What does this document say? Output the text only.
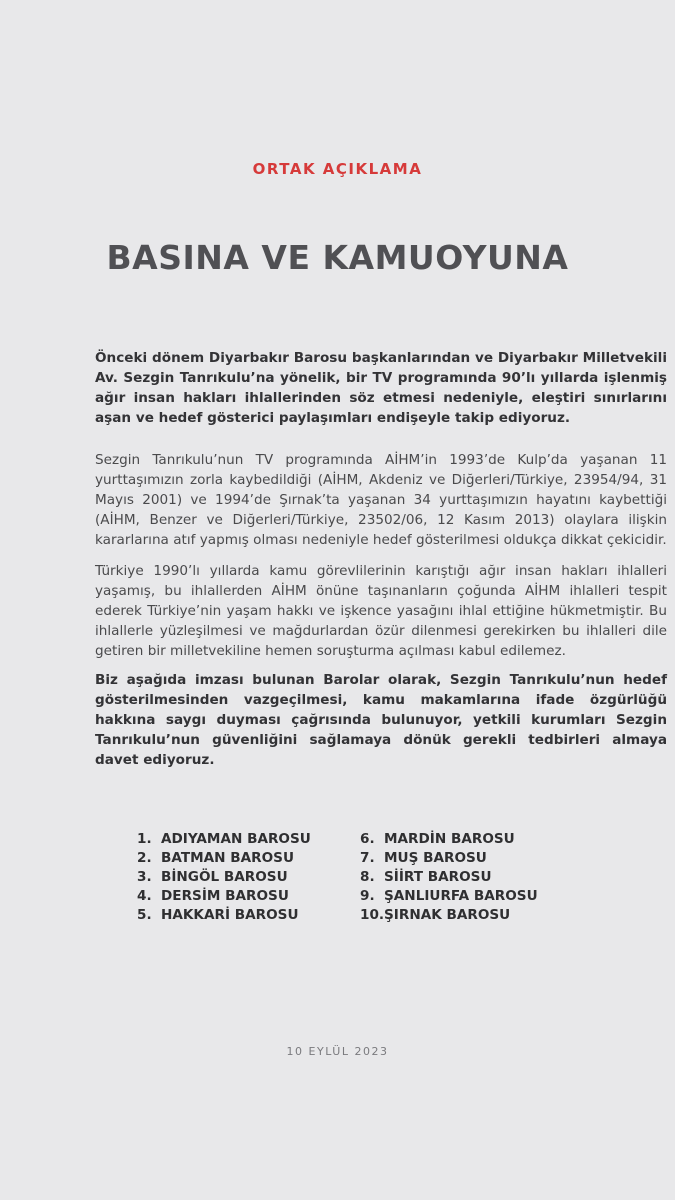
ORTAK AÇIKLAMA
BASINA VE KAMUOYUNA
Önceki dönem Diyarbakır Barosu başkanlarından ve Diyarbakır Milletvekili Av. Sezgin Tanrıkulu’na yönelik, bir TV programında 90’lı yıllarda işlenmiş ağır insan hakları ihlallerinden söz etmesi nedeniyle, eleştiri sınırlarını aşan ve hedef gösterici paylaşımları endişeyle takip ediyoruz.
Sezgin Tanrıkulu’nun TV programında AİHM’in 1993’de Kulp’da yaşanan 11 yurttaşımızın zorla kaybedildiği (AİHM, Akdeniz ve Diğerleri/Türkiye, 23954/94, 31 Mayıs 2001) ve 1994’de Şırnak’ta yaşanan 34 yurttaşımızın hayatını kaybettiği (AİHM, Benzer ve Diğerleri/Türkiye, 23502/06, 12 Kasım 2013) olaylara ilişkin kararlarına atıf yapmış olması nedeniyle hedef gösterilmesi oldukça dikkat çekicidir.
Türkiye 1990’lı yıllarda kamu görevlilerinin karıştığı ağır insan hakları ihlalleri yaşamış, bu ihlallerden AİHM önüne taşınanların çoğunda AİHM ihlalleri tespit ederek Türkiye’nin yaşam hakkı ve işkence yasağını ihlal ettiğine hükmetmiştir. Bu ihlallerle yüzleşilmesi ve mağdurlardan özür dilenmesi gerekirken bu ihlalleri dile getiren bir milletvekiline hemen soruşturma açılması kabul edilemez.
Biz aşağıda imzası bulunan Barolar olarak, Sezgin Tanrıkulu’nun hedef gösterilmesinden vazgeçilmesi, kamu makamlarına ifade özgürlüğü hakkına saygı duyması çağrısında bulunuyor, yetkili kurumları Sezgin Tanrıkulu’nun güvenliğini sağlamaya dönük gerekli tedbirleri almaya davet ediyoruz.
1. ADIYAMAN BAROSU
2. BATMAN BAROSU
3. BİNGÖL BAROSU
4. DERSİM BAROSU
5. HAKKARİ BAROSU
6. MARDİN BAROSU
7. MUŞ BAROSU
8. SİİRT BAROSU
9. ŞANLIURFA BAROSU
10.ŞIRNAK BAROSU
10 EYLÜL 2023
